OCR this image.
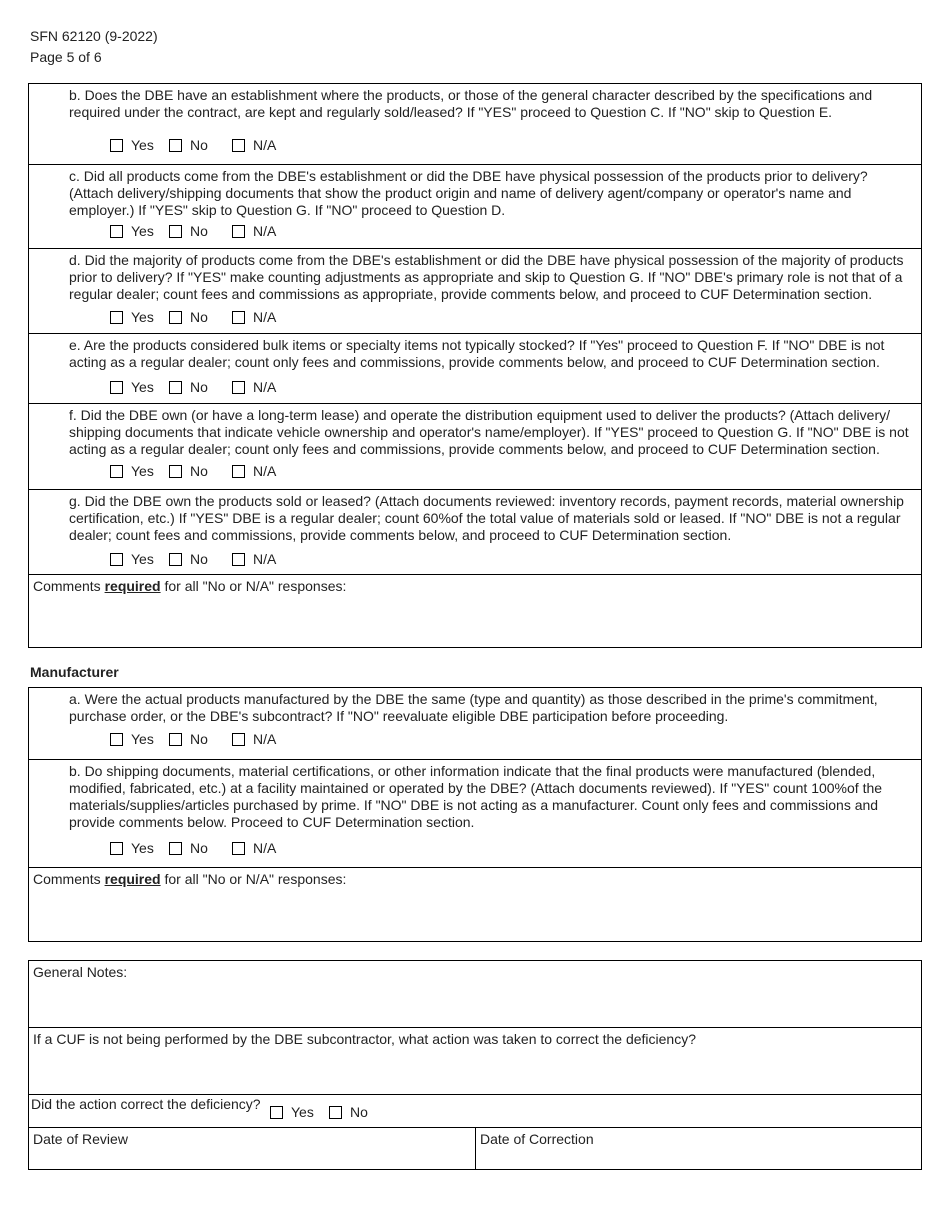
SFN 62120 (9-2022)
Page 5 of 6
b. Does the DBE have an establishment where the products, or those of the general character described by the specifications and required under the contract, are kept and regularly sold/leased? If "YES" proceed to Question C. If "NO" skip to Question E.
Yes	No	N/A
c. Did all products come from the DBE's establishment or did the DBE have physical possession of the products prior to delivery? (Attach delivery/shipping documents that show the product origin and name of delivery agent/company or operator's name and employer.) If "YES" skip to Question G. If "NO" proceed to Question D.
Yes	No	N/A
d. Did the majority of products come from the DBE's establishment or did the DBE have physical possession of the majority of products prior to delivery? If "YES" make counting adjustments as appropriate and skip to Question G. If "NO" DBE's primary role is not that of a regular dealer; count fees and commissions as appropriate, provide comments below, and proceed to CUF Determination section.
Yes	No	N/A
e. Are the products considered bulk items or specialty items not typically stocked? If "Yes" proceed to Question F. If "NO" DBE is not acting as a regular dealer; count only fees and commissions, provide comments below, and proceed to CUF Determination section.
Yes	No	N/A
f. Did the DBE own (or have a long-term lease) and operate the distribution equipment used to deliver the products? (Attach delivery/ shipping documents that indicate vehicle ownership and operator's name/employer). If "YES" proceed to Question G. If "NO" DBE is not acting as a regular dealer; count only fees and commissions, provide comments below, and proceed to CUF Determination section.
Yes	No	N/A
g. Did the DBE own the products sold or leased? (Attach documents reviewed: inventory records, payment records, material ownership certification, etc.) If "YES" DBE is a regular dealer; count 60%of the total value of materials sold or leased. If "NO" DBE is not a regular dealer; count fees and commissions, provide comments below, and proceed to CUF Determination section.
Yes	No	N/A
Comments required for all "No or N/A" responses:
Manufacturer
a. Were the actual products manufactured by the DBE the same (type and quantity) as those described in the prime's commitment, purchase order, or the DBE's subcontract? If "NO" reevaluate eligible DBE participation before proceeding.
Yes	No	N/A
b. Do shipping documents, material certifications, or other information indicate that the final products were manufactured (blended, modified, fabricated, etc.) at a facility maintained or operated by the DBE? (Attach documents reviewed). If "YES" count 100%of the materials/supplies/articles purchased by prime. If "NO" DBE is not acting as a manufacturer. Count only fees and commissions and provide comments below. Proceed to CUF Determination section.
Yes	No	N/A
Comments required for all "No or N/A" responses:
General Notes:
If a CUF is not being performed by the DBE subcontractor, what action was taken to correct the deficiency?
Did the action correct the deficiency? Yes	No
Date of Review	Date of Correction
